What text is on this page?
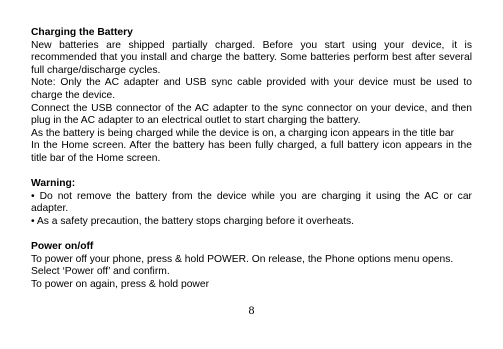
Charging the Battery

New batteries are shipped partially charged. Before you start using your device, it is recommended that you install and charge the battery. Some batteries perform best after several full charge/discharge cycles.

Note: Only the AC adapter and USB sync cable provided with your device must be used to charge the device.

Connect the USB connector of the AC adapter to the sync connector on your device, and then plug in the AC adapter to an electrical outlet to start charging the battery.

As the battery is being charged while the device is on, a charging icon appears in the title bar

In the Home screen. After the battery has been fully charged, a full battery icon appears in the title bar of the Home screen.

Warning:

• Do not remove the battery from the device while you are charging it using the AC or car adapter.

• As a safety precaution, the battery stops charging before it overheats.

Power on/off

To power off your phone, press & hold POWER. On release, the Phone options menu opens.

Select ‘Power off’ and confirm.

To power on again, press & hold power

8
